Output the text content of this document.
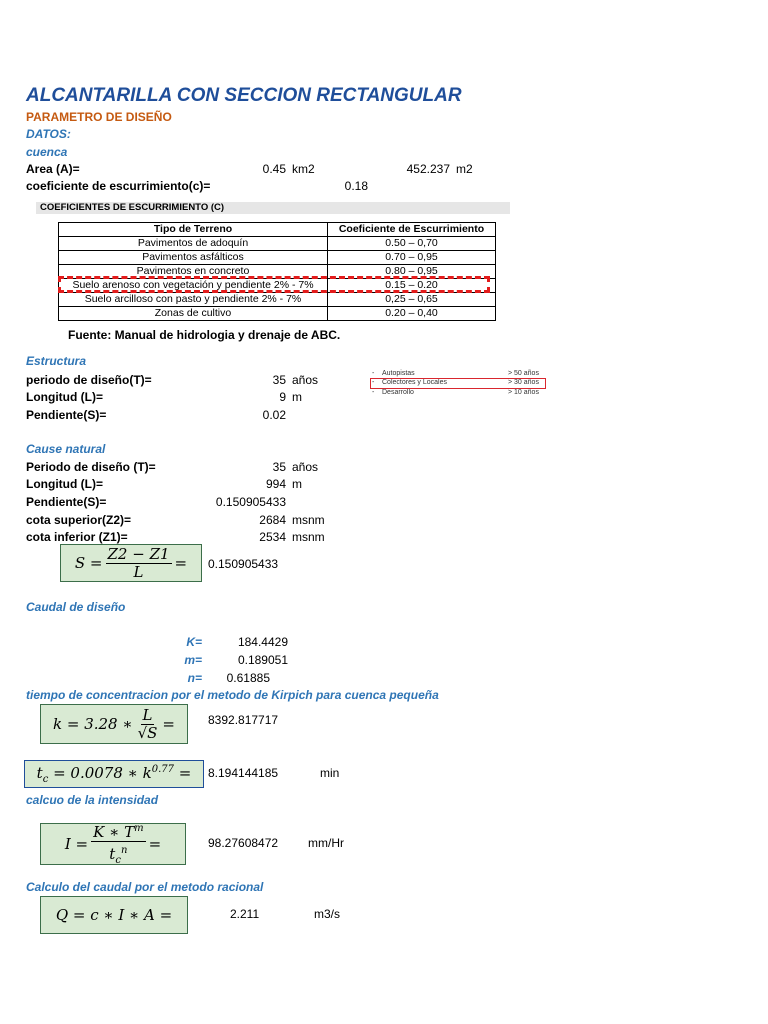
ALCANTARILLA CON SECCION RECTANGULAR
PARAMETRO DE DISEÑO
DATOS:
cuenca
Area (A)=	0.45 km2	452.237 m2
coeficiente de escurrimiento(c)=	0.18
COEFICIENTES DE ESCURRIMIENTO (C)
Tipo de Terreno	Coeficiente de Escurrimiento
Pavimentos de adoquín	0.50 – 0,70
Pavimentos asfálticos	0.70 – 0,95
Pavimentos en concreto	0.80 – 0,95
Suelo arenoso con vegetación y pendiente 2% - 7%	0.15 – 0.20
Suelo arcilloso con pasto y pendiente 2% - 7%	0,25 – 0,65
Zonas de cultivo	0.20 – 0,40
Fuente: Manual de hidrologia y drenaje de ABC.
Estructura
periodo de diseño(T)=	35 años
Longitud (L)=	9 m
Pendiente(S)=	0.02
- Autopistas	> 50 años
- Colectores y Locales	> 30 años
- Desarrollo	> 10 años
Cause natural
Periodo de diseño (T)=	35 años
Longitud (L)=	994 m
Pendiente(S)=	0.150905433
cota superior(Z2)=	2684 msnm
cota inferior (Z1)=	2534 msnm
$S = \frac{Z2 - Z1}{L} = 0.150905433$
Caudal de diseño
K=	184.4429
m=	0.189051
n=	0.61885
tiempo de concentracion por el metodo de Kirpich para cuenca pequeña
k = 3.28 ∗ $\frac{L}{√S}$ =	8392.817717
$t_c = 0.0078$ ∗ $k^{0.77} = 8.194144185$	min
calcuo de la intensidad
$I = \frac{K ∗ T^m}{t_c^n}$ =	98.27608472 mm/Hr
Calculo del caudal por el metodo racional
Q = c ∗ I ∗ A =	2.211	m3/s
